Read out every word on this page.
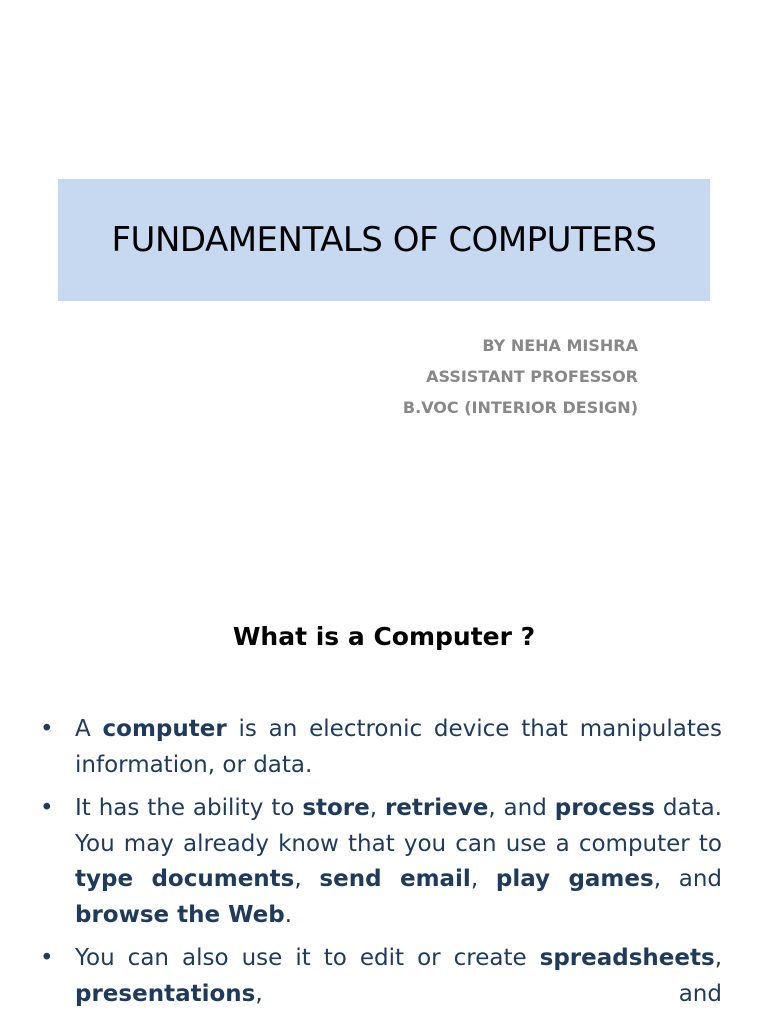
FUNDAMENTALS OF COMPUTERS
BY NEHA MISHRA
ASSISTANT PROFESSOR
B.VOC (INTERIOR DESIGN)
What is a Computer ?
• A computer is an electronic device that manipulates information, or data.
• It has the ability to store, retrieve, and process data. You may already know that you can use a computer to type documents, send email, play games, and browse the Web.
• You can also use it to edit or create spreadsheets, presentations, and
